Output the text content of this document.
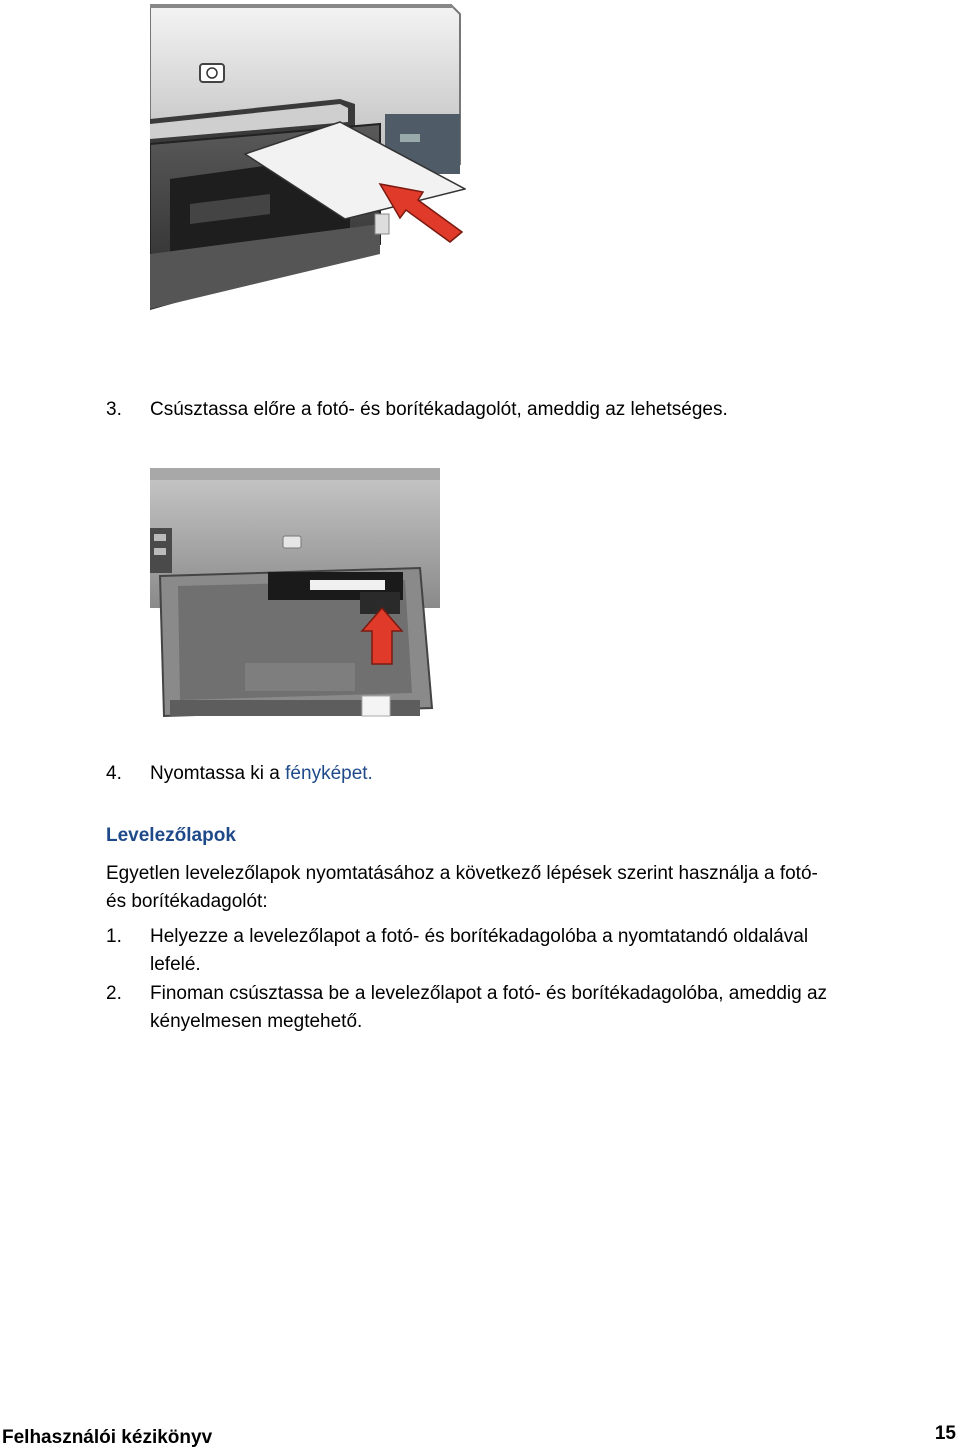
3. Csúsztassa előre a fotó- és borítékadagolót, ameddig az lehetséges.
4. Nyomtassa ki a fényképet.
Levelezőlapok
Egyetlen levelezőlapok nyomtatásához a következő lépések szerint használja a fotó-
és borítékadagolót:
1. Helyezze a levelezőlapot a fotó- és borítékadagolóba a nyomtatandó oldalával
lefelé.
2. Finoman csúsztassa be a levelezőlapot a fotó- és borítékadagolóba, ameddig az
kényelmesen megtehető.
Felhasználói kézikönyv	15
